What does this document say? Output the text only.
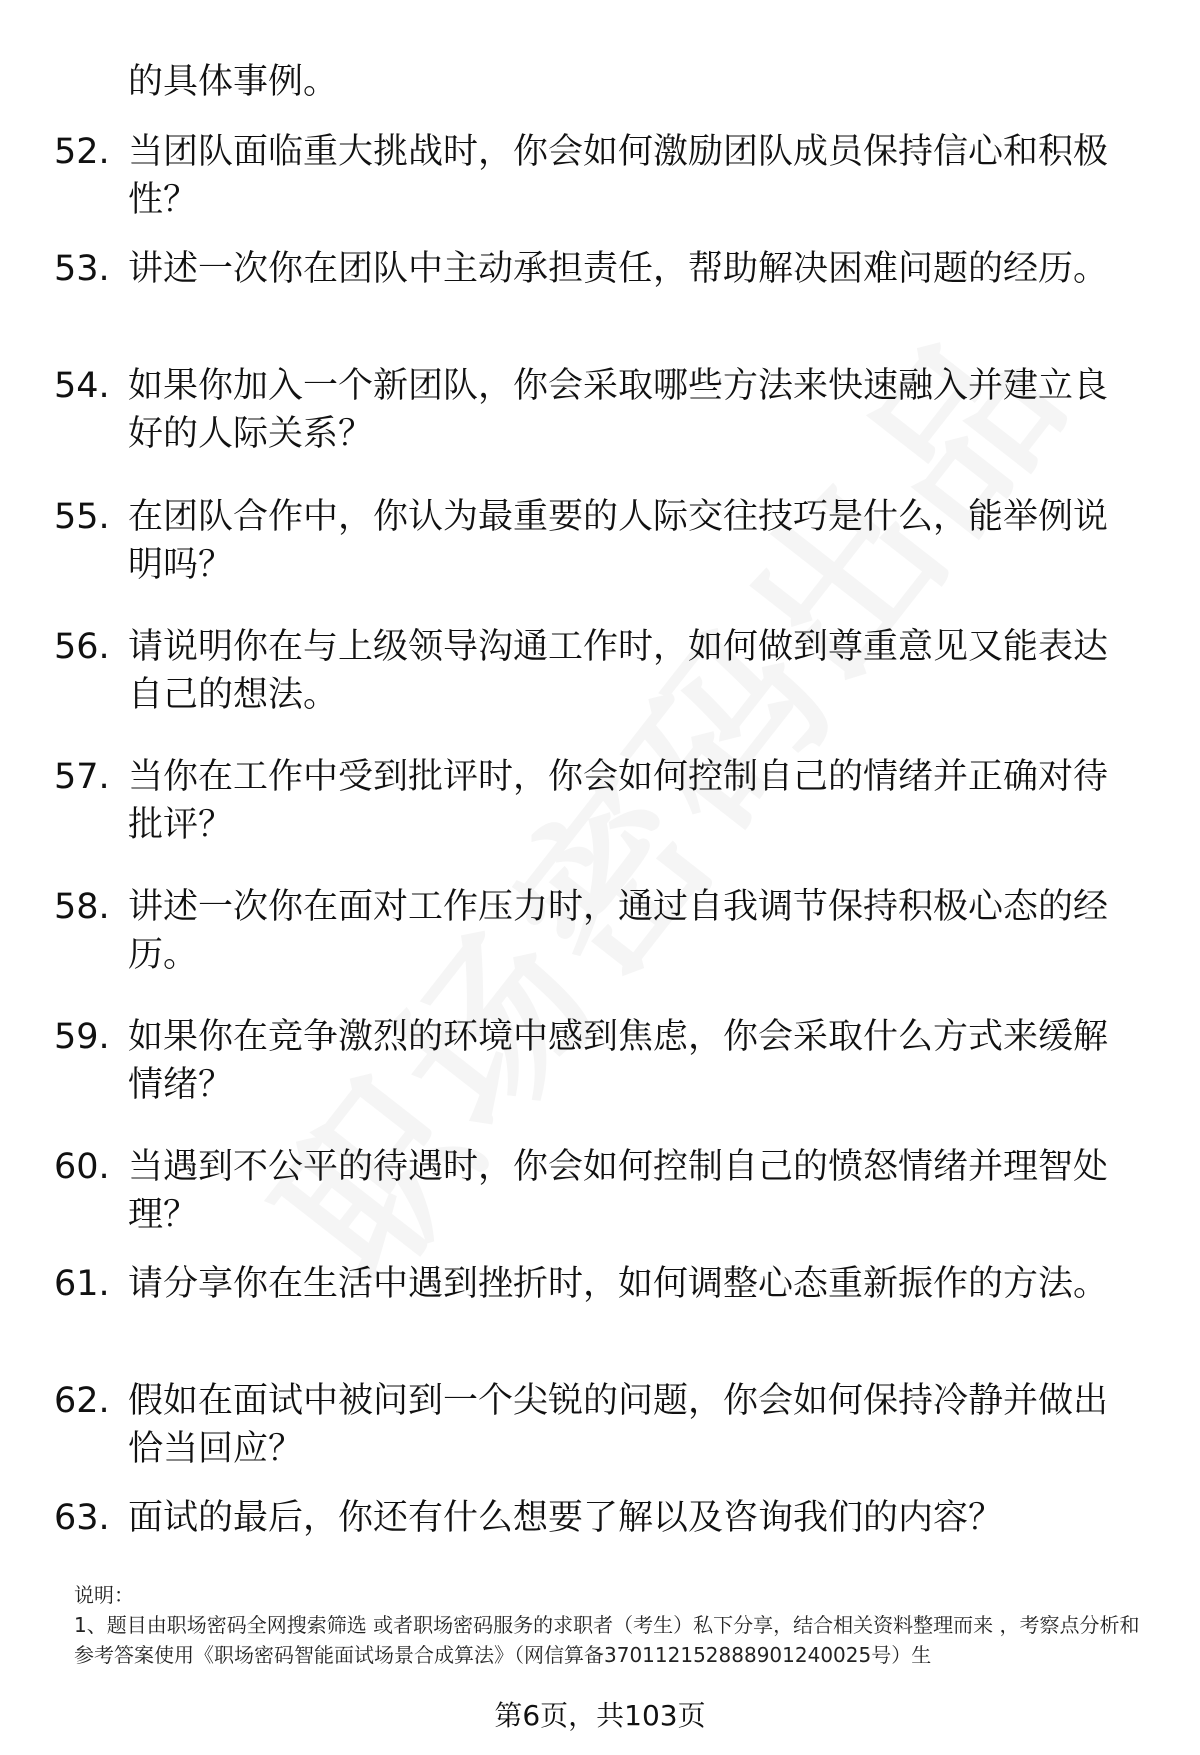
的具体事例。

52. 当团队面临重大挑战时，你会如何激励团队成员保持信心和积极性？

53. 讲述一次你在团队中主动承担责任，帮助解决困难问题的经历。

54. 如果你加入一个新团队，你会采取哪些方法来快速融入并建立良好的人际关系？

55. 在团队合作中，你认为最重要的人际交往技巧是什么，能举例说明吗？

56. 请说明你在与上级领导沟通工作时，如何做到尊重意见又能表达自己的想法。

57. 当你在工作中受到批评时，你会如何控制自己的情绪并正确对待批评？

58. 讲述一次你在面对工作压力时，通过自我调节保持积极心态的经历。

59. 如果你在竞争激烈的环境中感到焦虑，你会采取什么方式来缓解情绪？

60. 当遇到不公平的待遇时，你会如何控制自己的愤怒情绪并理智处理？

61. 请分享你在生活中遇到挫折时，如何调整心态重新振作的方法。

62. 假如在面试中被问到一个尖锐的问题，你会如何保持冷静并做出恰当回应？

63. 面试的最后，你还有什么想要了解以及咨询我们的内容？

说明：

1、题目由职场密码全网搜索筛选 或者职场密码服务的求职者（考生）私下分享，结合相关资料整理而来 ，考察点分析和参考答案使用《职场密码智能面试场景合成算法》（网信算备370112152888901240025号）生

第6页，共103页
